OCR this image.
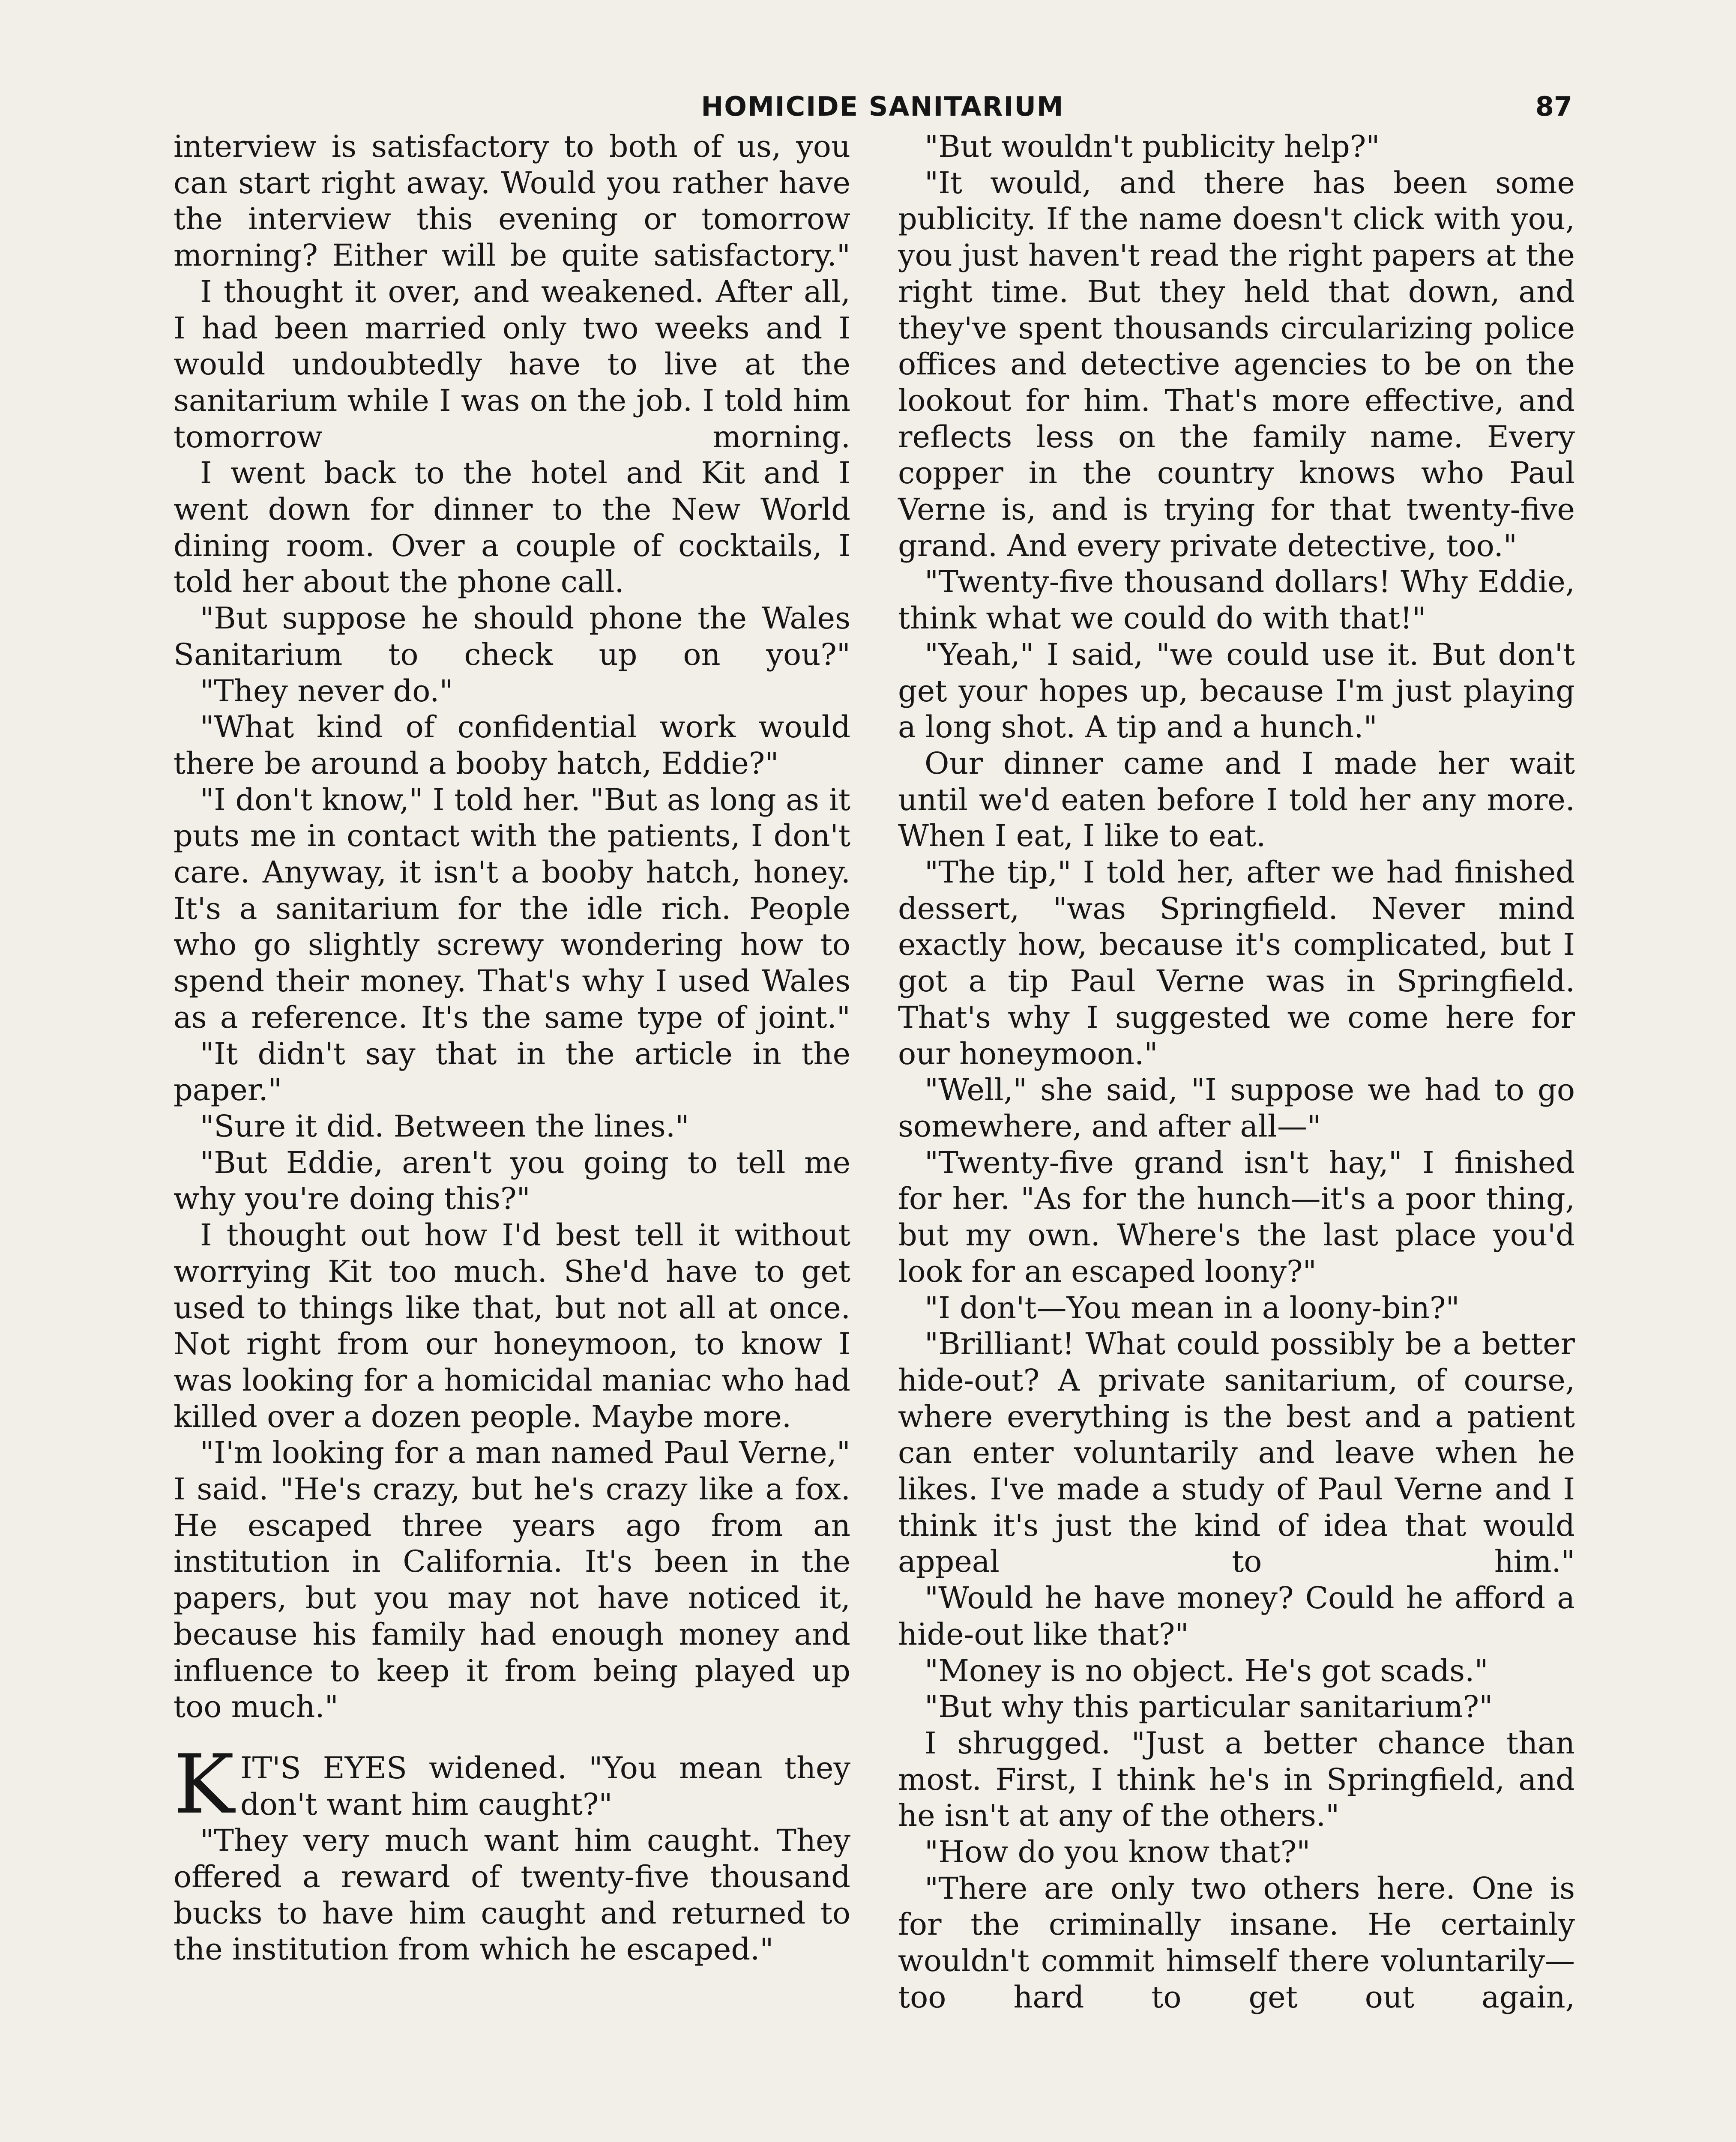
HOMICIDE SANITARIUM	87

interview is satisfactory to both of us, you can start right away. Would you rather have the interview this evening or tomorrow morning? Either will be quite satisfactory."

I thought it over, and weakened. After all, I had been married only two weeks and I would undoubtedly have to live at the sanitarium while I was on the job. I told him tomorrow morning.

I went back to the hotel and Kit and I went down for dinner to the New World dining room. Over a couple of cocktails, I told her about the phone call.

"But suppose he should phone the Wales Sanitarium to check up on you?"

"They never do."

"What kind of confidential work would there be around a booby hatch, Eddie?"

"I don't know," I told her. "But as long as it puts me in contact with the patients, I don't care. Anyway, it isn't a booby hatch, honey. It's a sanitarium for the idle rich. People who go slightly screwy wondering how to spend their money. That's why I used Wales as a reference. It's the same type of joint."

"It didn't say that in the article in the paper."

"Sure it did. Between the lines."

"But Eddie, aren't you going to tell me why you're doing this?"

I thought out how I'd best tell it without worrying Kit too much. She'd have to get used to things like that, but not all at once. Not right from our honeymoon, to know I was looking for a homicidal maniac who had killed over a dozen people. Maybe more.

"I'm looking for a man named Paul Verne," I said. "He's crazy, but he's crazy like a fox. He escaped three years ago from an institution in California. It's been in the papers, but you may not have noticed it, because his family had enough money and influence to keep it from being played up too much."

KIT'S EYES widened. "You mean they don't want him caught?"

"They very much want him caught. They offered a reward of twenty-five thousand bucks to have him caught and returned to the institution from which he escaped."

"But wouldn't publicity help?"

"It would, and there has been some publicity. If the name doesn't click with you, you just haven't read the right papers at the right time. But they held that down, and they've spent thousands circularizing police offices and detective agencies to be on the lookout for him. That's more effective, and reflects less on the family name. Every copper in the country knows who Paul Verne is, and is trying for that twenty-five grand. And every private detective, too."

"Twenty-five thousand dollars! Why Eddie, think what we could do with that!"

"Yeah," I said, "we could use it. But don't get your hopes up, because I'm just playing a long shot. A tip and a hunch."

Our dinner came and I made her wait until we'd eaten before I told her any more. When I eat, I like to eat.

"The tip," I told her, after we had finished dessert, "was Springfield. Never mind exactly how, because it's complicated, but I got a tip Paul Verne was in Springfield. That's why I suggested we come here for our honeymoon."

"Well," she said, "I suppose we had to go somewhere, and after all—"

"Twenty-five grand isn't hay," I finished for her. "As for the hunch—it's a poor thing, but my own. Where's the last place you'd look for an escaped loony?"

"I don't—You mean in a loony-bin?"

"Brilliant! What could possibly be a better hide-out? A private sanitarium, of course, where everything is the best and a patient can enter voluntarily and leave when he likes. I've made a study of Paul Verne and I think it's just the kind of idea that would appeal to him."

"Would he have money? Could he afford a hide-out like that?"

"Money is no object. He's got scads."

"But why this particular sanitarium?"

I shrugged. "Just a better chance than most. First, I think he's in Springfield, and he isn't at any of the others."

"How do you know that?"

"There are only two others here. One is for the criminally insane. He certainly wouldn't commit himself there voluntarily—too hard to get out again,
